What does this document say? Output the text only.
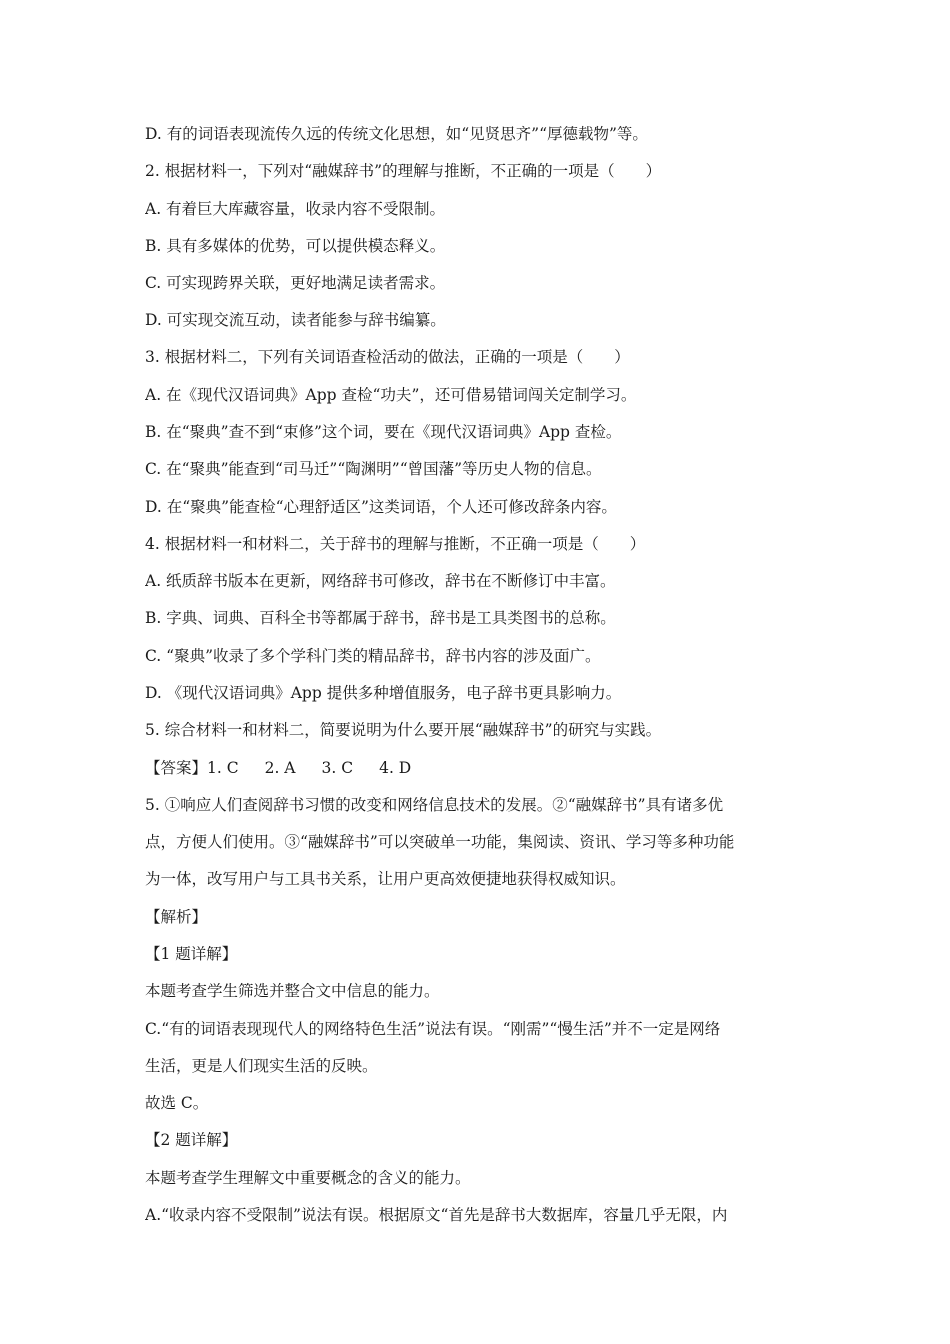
D. 有的词语表现流传久远的传统文化思想，如“见贤思齐”“厚德载物”等。
2. 根据材料一，下列对“融媒辞书”的理解与推断，不正确的一项是（　　）
A. 有着巨大库藏容量，收录内容不受限制。
B. 具有多媒体的优势，可以提供模态释义。
C. 可实现跨界关联，更好地满足读者需求。
D. 可实现交流互动，读者能参与辞书编纂。
3. 根据材料二，下列有关词语查检活动的做法，正确的一项是（　　）
A. 在《现代汉语词典》App 查检“功夫”，还可借易错词闯关定制学习。
B. 在“聚典”查不到“束修”这个词，要在《现代汉语词典》App 查检。
C. 在“聚典”能查到“司马迁”“陶渊明”“曾国藩”等历史人物的信息。
D. 在“聚典”能查检“心理舒适区”这类词语，个人还可修改辞条内容。
4. 根据材料一和材料二，关于辞书的理解与推断，不正确一项是（　　）
A. 纸质辞书版本在更新，网络辞书可修改，辞书在不断修订中丰富。
B. 字典、词典、百科全书等都属于辞书，辞书是工具类图书的总称。
C. “聚典”收录了多个学科门类的精品辞书，辞书内容的涉及面广。
D. 《现代汉语词典》App 提供多种增值服务，电子辞书更具影响力。
5. 综合材料一和材料二，简要说明为什么要开展“融媒辞书”的研究与实践。
【答案】1. C 2. A 3. C 4. D
5. ①响应人们查阅辞书习惯的改变和网络信息技术的发展。②“融媒辞书”具有诸多优
点，方便人们使用。③“融媒辞书”可以突破单一功能，集阅读、资讯、学习等多种功能
为一体，改写用户与工具书关系，让用户更高效便捷地获得权威知识。
【解析】
【1 题详解】
本题考查学生筛选并整合文中信息的能力。
C.“有的词语表现现代人的网络特色生活”说法有误。“刚需”“慢生活”并不一定是网络
生活，更是人们现实生活的反映。
故选 C。
【2 题详解】
本题考查学生理解文中重要概念的含义的能力。
A.“收录内容不受限制”说法有误。根据原文“首先是辞书大数据库，容量几乎无限，内
